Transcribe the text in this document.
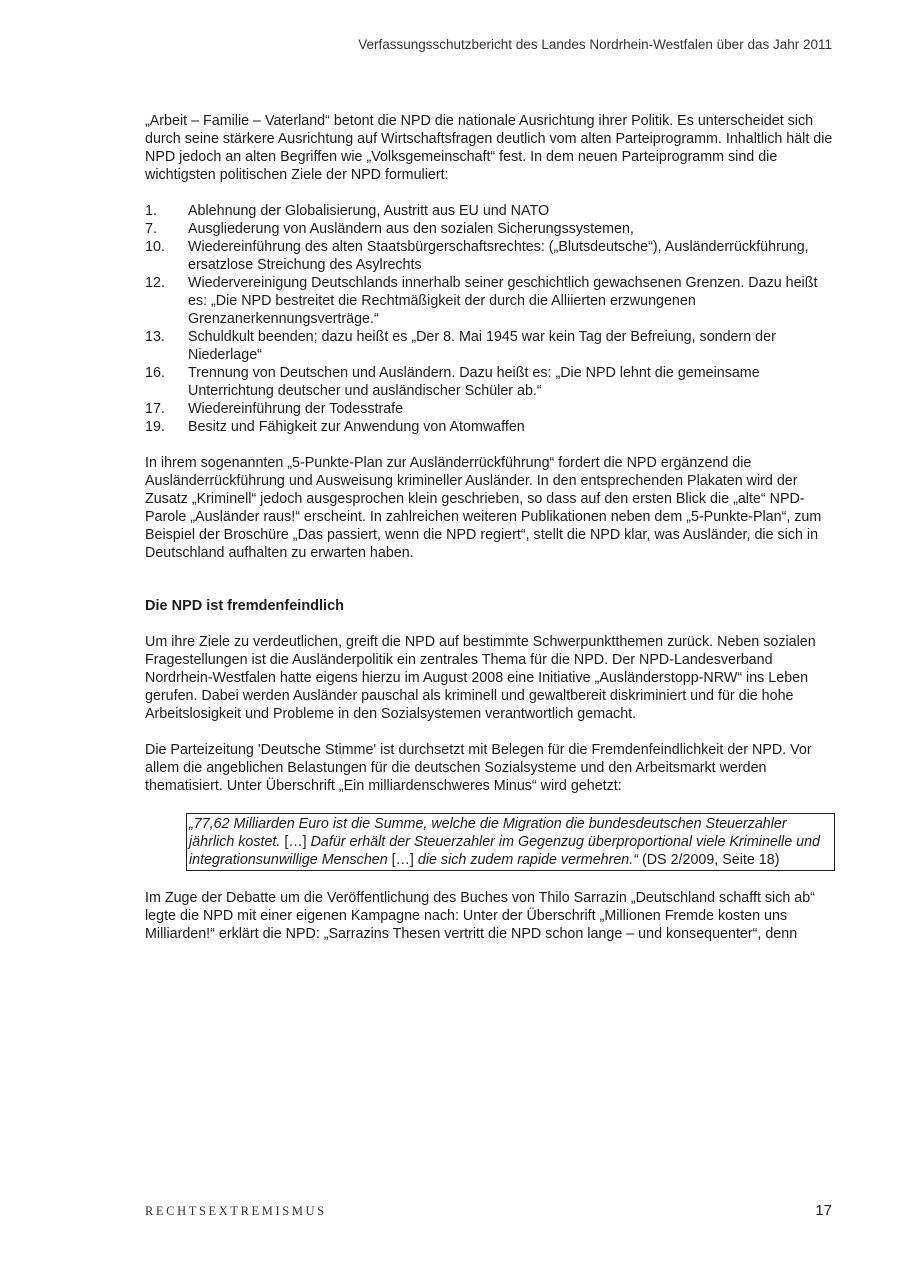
Verfassungsschutzbericht des Landes Nordrhein-Westfalen über das Jahr 2011

„Arbeit – Familie – Vaterland“ betont die NPD die nationale Ausrichtung ihrer Politik. Es unterscheidet sich durch seine stärkere Ausrichtung auf Wirtschaftsfragen deutlich vom alten Parteiprogramm. Inhaltlich hält die NPD jedoch an alten Begriffen wie „Volksgemeinschaft“ fest. In dem neuen Parteiprogramm sind die wichtigsten politischen Ziele der NPD formuliert:

1.	Ablehnung der Globalisierung, Austritt aus EU und NATO
7.	Ausgliederung von Ausländern aus den sozialen Sicherungssystemen,
10.	Wiedereinführung des alten Staatsbürgerschaftsrechtes: („Blutsdeutsche“), Ausländerrückführung, ersatzlose Streichung des Asylrechts
12.	Wiedervereinigung Deutschlands innerhalb seiner geschichtlich gewachsenen Grenzen. Dazu heißt es: „Die NPD bestreitet die Rechtmäßigkeit der durch die Alliierten erzwungenen Grenzanerkennungsverträge.“
13.	Schuldkult beenden; dazu heißt es „Der 8. Mai 1945 war kein Tag der Befreiung, sondern der Niederlage“
16.	Trennung von Deutschen und Ausländern. Dazu heißt es: „Die NPD lehnt die gemeinsame Unterrichtung deutscher und ausländischer Schüler ab.“
17.	Wiedereinführung der Todesstrafe
19.	Besitz und Fähigkeit zur Anwendung von Atomwaffen

In ihrem sogenannten „5-Punkte-Plan zur Ausländerrückführung“ fordert die NPD ergänzend die Ausländerrückführung und Ausweisung krimineller Ausländer. In den entsprechenden Plakaten wird der Zusatz „Kriminell“ jedoch ausgesprochen klein geschrieben, so dass auf den ersten Blick die „alte“ NPD-Parole „Ausländer raus!“ erscheint. In zahlreichen weiteren Publikationen neben dem „5-Punkte-Plan“, zum Beispiel der Broschüre „Das passiert, wenn die NPD regiert“, stellt die NPD klar, was Ausländer, die sich in Deutschland aufhalten zu erwarten haben.

Die NPD ist fremdenfeindlich

Um ihre Ziele zu verdeutlichen, greift die NPD auf bestimmte Schwerpunktthemen zurück. Neben sozialen Fragestellungen ist die Ausländerpolitik ein zentrales Thema für die NPD. Der NPD-Landesverband Nordrhein-Westfalen hatte eigens hierzu im August 2008 eine Initiative „Ausländerstopp-NRW“ ins Leben gerufen. Dabei werden Ausländer pauschal als kriminell und gewaltbereit diskriminiert und für die hohe Arbeitslosigkeit und Probleme in den Sozialsystemen verantwortlich gemacht.

Die Parteizeitung 'Deutsche Stimme' ist durchsetzt mit Belegen für die Fremdenfeindlichkeit der NPD. Vor allem die angeblichen Belastungen für die deutschen Sozialsysteme und den Arbeitsmarkt werden thematisiert. Unter Überschrift „Ein milliardenschweres Minus“ wird gehetzt:

„77,62 Milliarden Euro ist die Summe, welche die Migration die bundesdeutschen Steuerzahler jährlich kostet. […] Dafür erhält der Steuerzahler im Gegenzug überproportional viele Kriminelle und integrationsunwillige Menschen […] die sich zudem rapide vermehren.“ (DS 2/2009, Seite 18)

Im Zuge der Debatte um die Veröffentlichung des Buches von Thilo Sarrazin „Deutschland schafft sich ab“ legte die NPD mit einer eigenen Kampagne nach: Unter der Überschrift „Millionen Fremde kosten uns Milliarden!“ erklärt die NPD: „Sarrazins Thesen vertritt die NPD schon lange – und konsequenter“, denn

RECHTSEXTREMISMUS	17
